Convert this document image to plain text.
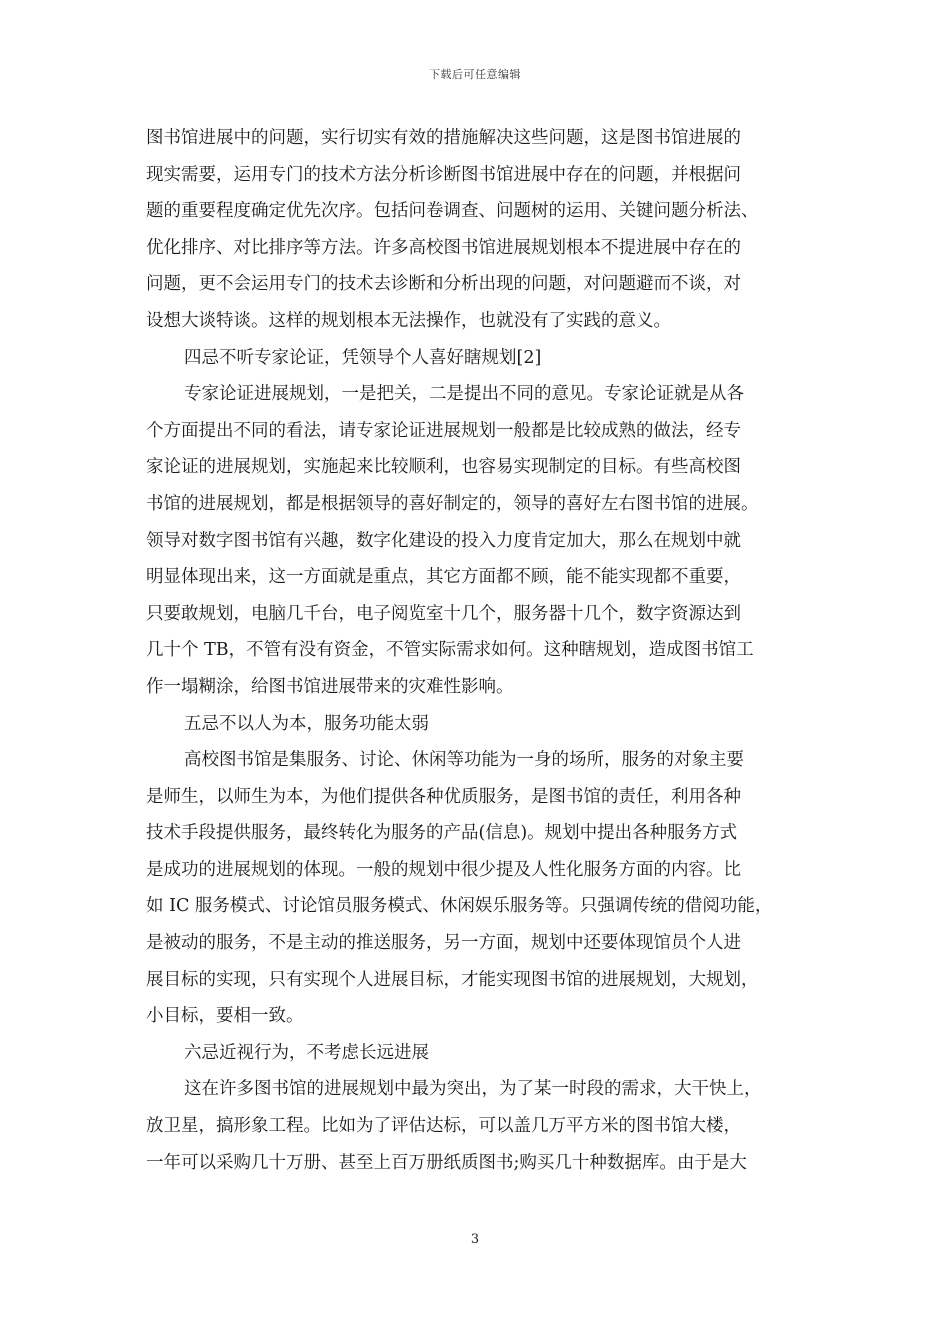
下载后可任意编辑
图书馆进展中的问题，实行切实有效的措施解决这些问题，这是图书馆进展的
现实需要，运用专门的技术方法分析诊断图书馆进展中存在的问题，并根据问
题的重要程度确定优先次序。包括问卷调查、问题树的运用、关键问题分析法、
优化排序、对比排序等方法。许多高校图书馆进展规划根本不提进展中存在的
问题，更不会运用专门的技术去诊断和分析出现的问题，对问题避而不谈，对
设想大谈特谈。这样的规划根本无法操作，也就没有了实践的意义。
四忌不听专家论证，凭领导个人喜好瞎规划[2]
专家论证进展规划，一是把关，二是提出不同的意见。专家论证就是从各
个方面提出不同的看法，请专家论证进展规划一般都是比较成熟的做法，经专
家论证的进展规划，实施起来比较顺利，也容易实现制定的目标。有些高校图
书馆的进展规划，都是根据领导的喜好制定的，领导的喜好左右图书馆的进展。
领导对数字图书馆有兴趣，数字化建设的投入力度肯定加大，那么在规划中就
明显体现出来，这一方面就是重点，其它方面都不顾，能不能实现都不重要，
只要敢规划，电脑几千台，电子阅览室十几个，服务器十几个，数字资源达到
几十个 TB，不管有没有资金，不管实际需求如何。这种瞎规划，造成图书馆工
作一塌糊涂，给图书馆进展带来的灾难性影响。
五忌不以人为本，服务功能太弱
高校图书馆是集服务、讨论、休闲等功能为一身的场所，服务的对象主要
是师生，以师生为本，为他们提供各种优质服务，是图书馆的责任，利用各种
技术手段提供服务，最终转化为服务的产品(信息)。规划中提出各种服务方式
是成功的进展规划的体现。一般的规划中很少提及人性化服务方面的内容。比
如 IC 服务模式、讨论馆员服务模式、休闲娱乐服务等。只强调传统的借阅功能，
是被动的服务，不是主动的推送服务，另一方面，规划中还要体现馆员个人进
展目标的实现，只有实现个人进展目标，才能实现图书馆的进展规划，大规划，
小目标，要相一致。
六忌近视行为，不考虑长远进展
这在许多图书馆的进展规划中最为突出，为了某一时段的需求，大干快上，
放卫星，搞形象工程。比如为了评估达标，可以盖几万平方米的图书馆大楼，
一年可以采购几十万册、甚至上百万册纸质图书;购买几十种数据库。由于是大
3
